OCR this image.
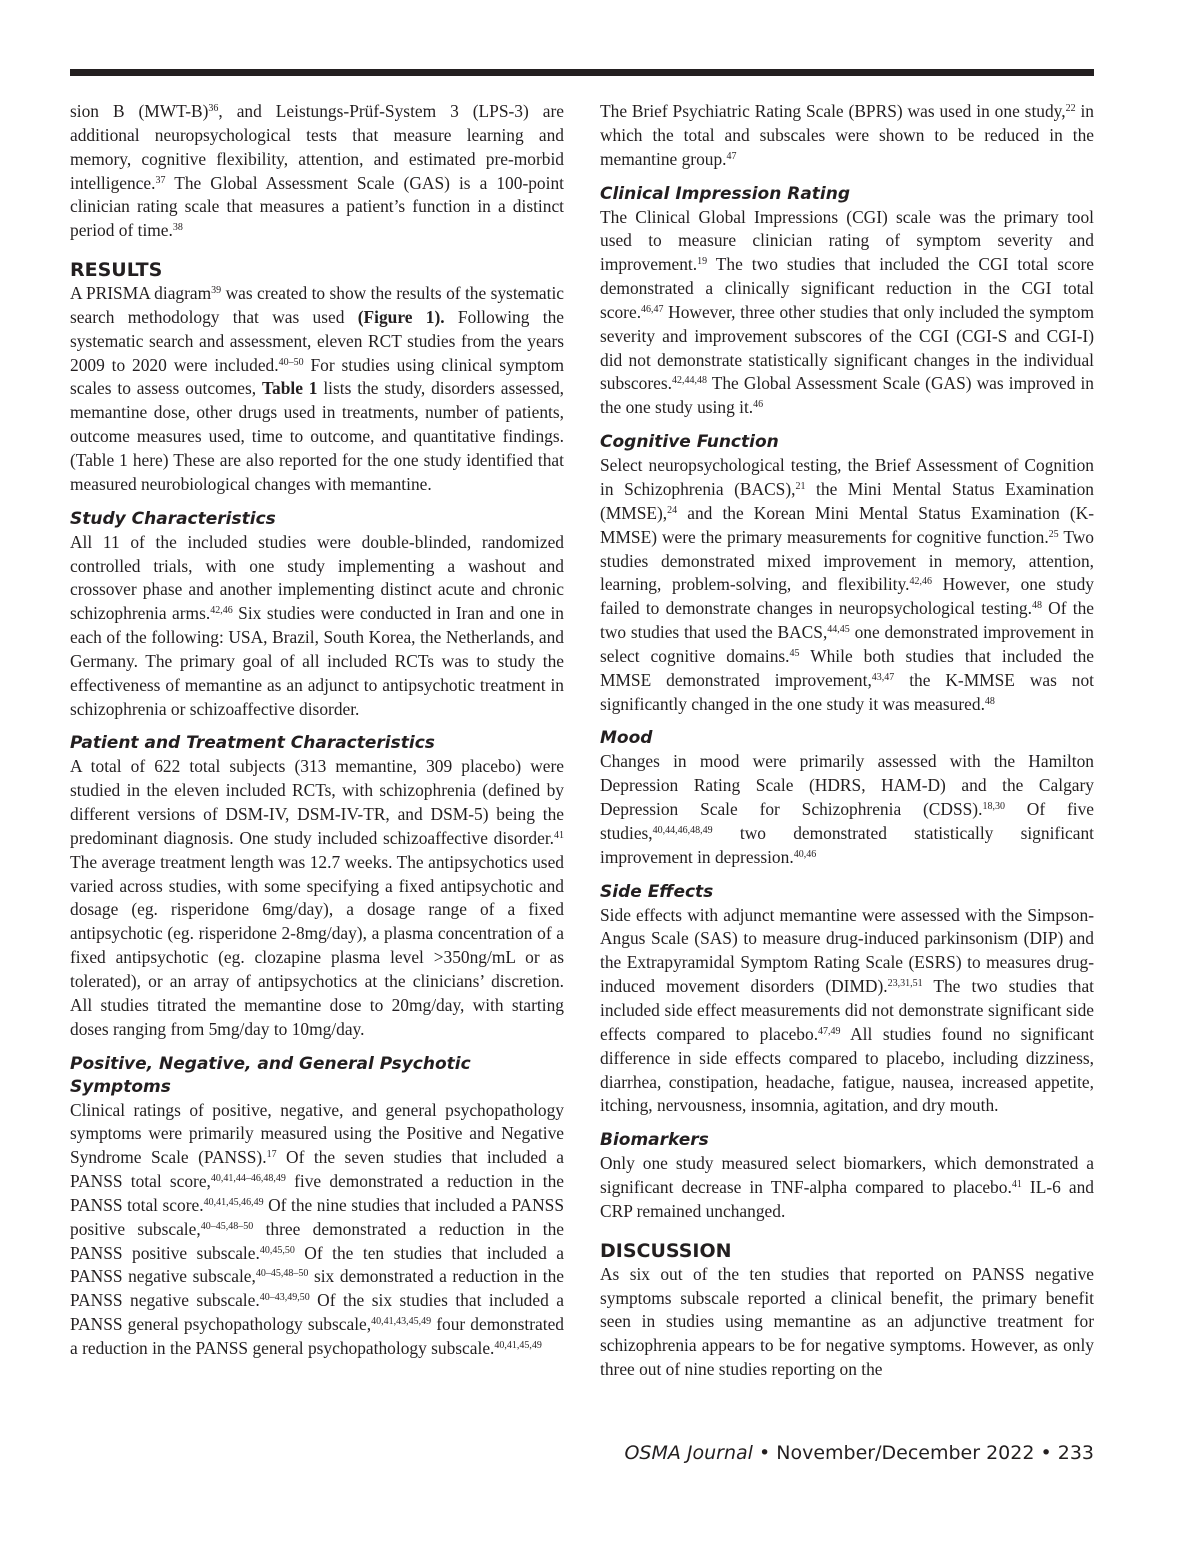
sion B $(MWT-B)^{36}$, and Leistungs-Prüf-System 3 (LPS-3) are additional neuropsychological tests that measure learning and memory, cognitive flexibility, attention, and estimated pre-morbid intelligence.$^{37}$ The Global Assessment Scale (GAS) is a 100-point clinician rating scale that measures a patient’s function in a distinct period of time.$^{38}$

RESULTS

A PRISMA diagram$^{39}$ was created to show the results of the systematic search methodology that was used (Figure 1). Following the systematic search and assessment, eleven RCT studies from the years 2009 to 2020 were included.$^{40-50}$ For studies using clinical symptom scales to assess outcomes, Table 1 lists the study, disorders assessed, memantine dose, other drugs used in treatments, number of patients, outcome measures used, time to outcome, and quantitative findings. (Table 1 here) These are also reported for the one study identified that measured neurobiological changes with memantine.

Study Characteristics

All 11 of the included studies were double-blinded, randomized controlled trials, with one study implementing a washout and crossover phase and another implementing distinct acute and chronic schizophrenia arms.$^{42,46}$ Six studies were conducted in Iran and one in each of the following: USA, Brazil, South Korea, the Netherlands, and Germany. The primary goal of all included RCTs was to study the effectiveness of memantine as an adjunct to antipsychotic treatment in schizophrenia or schizoaffective disorder.

Patient and Treatment Characteristics

A total of 622 total subjects (313 memantine, 309 placebo) were studied in the eleven included RCTs, with schizophrenia (defined by different versions of DSM-IV, DSM-IV-TR, and DSM-5) being the predominant diagnosis. One study included schizoaffective disorder.$^{41}$ The average treatment length was 12.7 weeks. The antipsychotics used varied across studies, with some specifying a fixed antipsychotic and dosage (eg. risperidone 6mg/day), a dosage range of a fixed antipsychotic (eg. risperidone 2-8mg/day), a plasma concentration of a fixed antipsychotic (eg. clozapine plasma level >350ng/mL or as tolerated), or an array of antipsychotics at the clinicians’ discretion. All studies titrated the memantine dose to 20mg/day, with starting doses ranging from 5mg/day to 10mg/day.

Positive, Negative, and General Psychotic Symptoms

Clinical ratings of positive, negative, and general psychopathology symptoms were primarily measured using the Positive and Negative Syndrome Scale (PANSS).$^{17}$ Of the seven studies that included a PANSS total score,$^{40,41,44-46,48,49}$ five demonstrated a reduction in the PANSS total score.$^{40,41,45,46,49}$ Of the nine studies that included a PANSS positive subscale,$^{40-45,48-50}$ three demonstrated a reduction in the PANSS positive subscale.$^{40,45,50}$ Of the ten studies that included a PANSS negative subscale,$^{40-45,48-50}$ six demonstrated a reduction in the PANSS negative subscale.$^{40-43,49,50}$ Of the six studies that included a PANSS general psychopathology subscale,$^{40,41,43,45,49}$ four demonstrated a reduction in the PANSS general psychopathology subscale.$^{40,41,45,49}$

The Brief Psychiatric Rating Scale (BPRS) was used in one study,$^{22}$ in which the total and subscales were shown to be reduced in the memantine group.$^{47}$

Clinical Impression Rating

The Clinical Global Impressions (CGI) scale was the primary tool used to measure clinician rating of symptom severity and improvement.$^{19}$ The two studies that included the CGI total score demonstrated a clinically significant reduction in the CGI total score.$^{46,47}$ However, three other studies that only included the symptom severity and improvement subscores of the CGI (CGI-S and CGI-I) did not demonstrate statistically significant changes in the individual subscores.$^{42,44,48}$ The Global Assessment Scale (GAS) was improved in the one study using it.$^{46}$

Cognitive Function

Select neuropsychological testing, the Brief Assessment of Cognition in Schizophrenia (BACS),$^{21}$ the Mini Mental Status Examination (MMSE),$^{24}$ and the Korean Mini Mental Status Examination (K-MMSE) were the primary measurements for cognitive function.$^{25}$ Two studies demonstrated mixed improvement in memory, attention, learning, problem-solving, and flexibility.$^{42,46}$ However, one study failed to demonstrate changes in neuropsychological testing.$^{48}$ Of the two studies that used the BACS,$^{44,45}$ one demonstrated improvement in select cognitive domains.$^{45}$ While both studies that included the MMSE demonstrated improvement,$^{43,47}$ the K-MMSE was not significantly changed in the one study it was measured.$^{48}$

Mood

Changes in mood were primarily assessed with the Hamilton Depression Rating Scale (HDRS, HAM-D) and the Calgary Depression Scale for Schizophrenia (CDSS).$^{18,30}$ Of five studies,$^{40,44,46,48,49}$ two demonstrated statistically significant improvement in depression.$^{40,46}$

Side Effects

Side effects with adjunct memantine were assessed with the Simpson-Angus Scale (SAS) to measure drug-induced parkinsonism (DIP) and the Extrapyramidal Symptom Rating Scale (ESRS) to measures drug-induced movement disorders (DIMD).$^{23,31,51}$ The two studies that included side effect measurements did not demonstrate significant side effects compared to placebo.$^{47,49}$ All studies found no significant difference in side effects compared to placebo, including dizziness, diarrhea, constipation, headache, fatigue, nausea, increased appetite, itching, nervousness, insomnia, agitation, and dry mouth.

Biomarkers

Only one study measured select biomarkers, which demonstrated a significant decrease in TNF-alpha compared to placebo.$^{41}$ IL-6 and CRP remained unchanged.

DISCUSSION

As six out of the ten studies that reported on PANSS negative symptoms subscale reported a clinical benefit, the primary benefit seen in studies using memantine as an adjunctive treatment for schizophrenia appears to be for negative symptoms. However, as only three out of nine studies reporting on the

OSMA Journal • November/December 2022 • 233
